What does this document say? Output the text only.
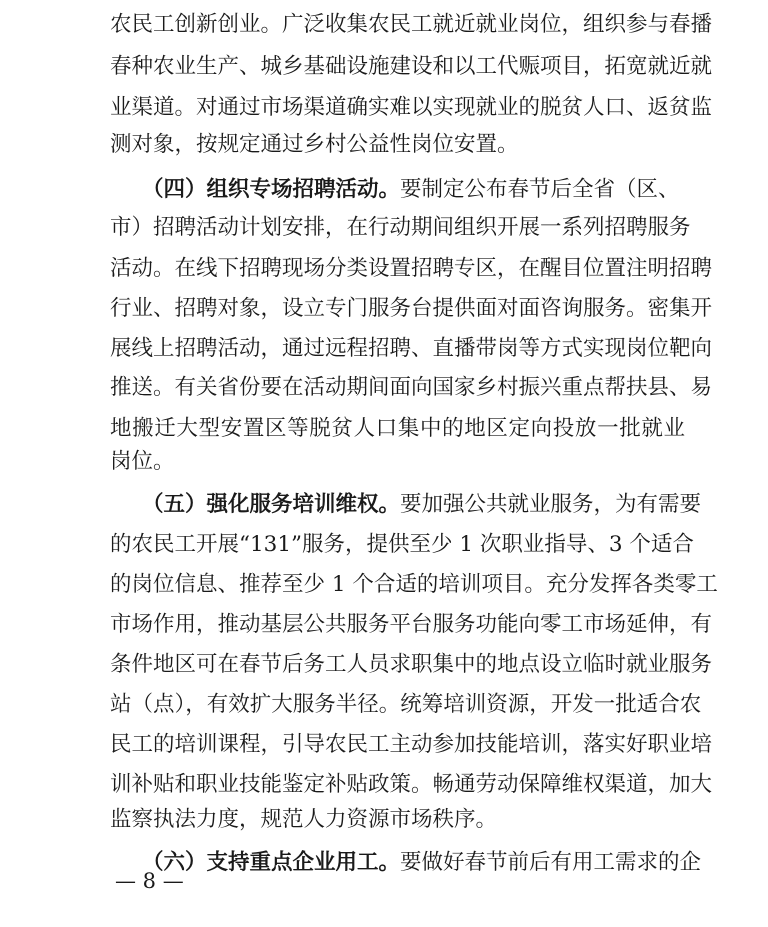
农民工创新创业。广泛收集农民工就近就业岗位，组织参与春播
春种农业生产、城乡基础设施建设和以工代赈项目，拓宽就近就
业渠道。对通过市场渠道确实难以实现就业的脱贫人口、返贫监
测对象，按规定通过乡村公益性岗位安置。
（四）组织专场招聘活动。要制定公布春节后全省（区、
市）招聘活动计划安排，在行动期间组织开展一系列招聘服务
活动。在线下招聘现场分类设置招聘专区，在醒目位置注明招聘
行业、招聘对象，设立专门服务台提供面对面咨询服务。密集开
展线上招聘活动，通过远程招聘、直播带岗等方式实现岗位靶向
推送。有关省份要在活动期间面向国家乡村振兴重点帮扶县、易
地搬迁大型安置区等脱贫人口集中的地区定向投放一批就业
岗位。
（五）强化服务培训维权。要加强公共就业服务，为有需要
的农民工开展“131”服务，提供至少 1 次职业指导、3 个适合
的岗位信息、推荐至少 1 个合适的培训项目。充分发挥各类零工
市场作用，推动基层公共服务平台服务功能向零工市场延伸，有
条件地区可在春节后务工人员求职集中的地点设立临时就业服务
站（点），有效扩大服务半径。统筹培训资源，开发一批适合农
民工的培训课程，引导农民工主动参加技能培训，落实好职业培
训补贴和职业技能鉴定补贴政策。畅通劳动保障维权渠道，加大
监察执法力度，规范人力资源市场秩序。
（六）支持重点企业用工。要做好春节前后有用工需求的企
— 8 —
